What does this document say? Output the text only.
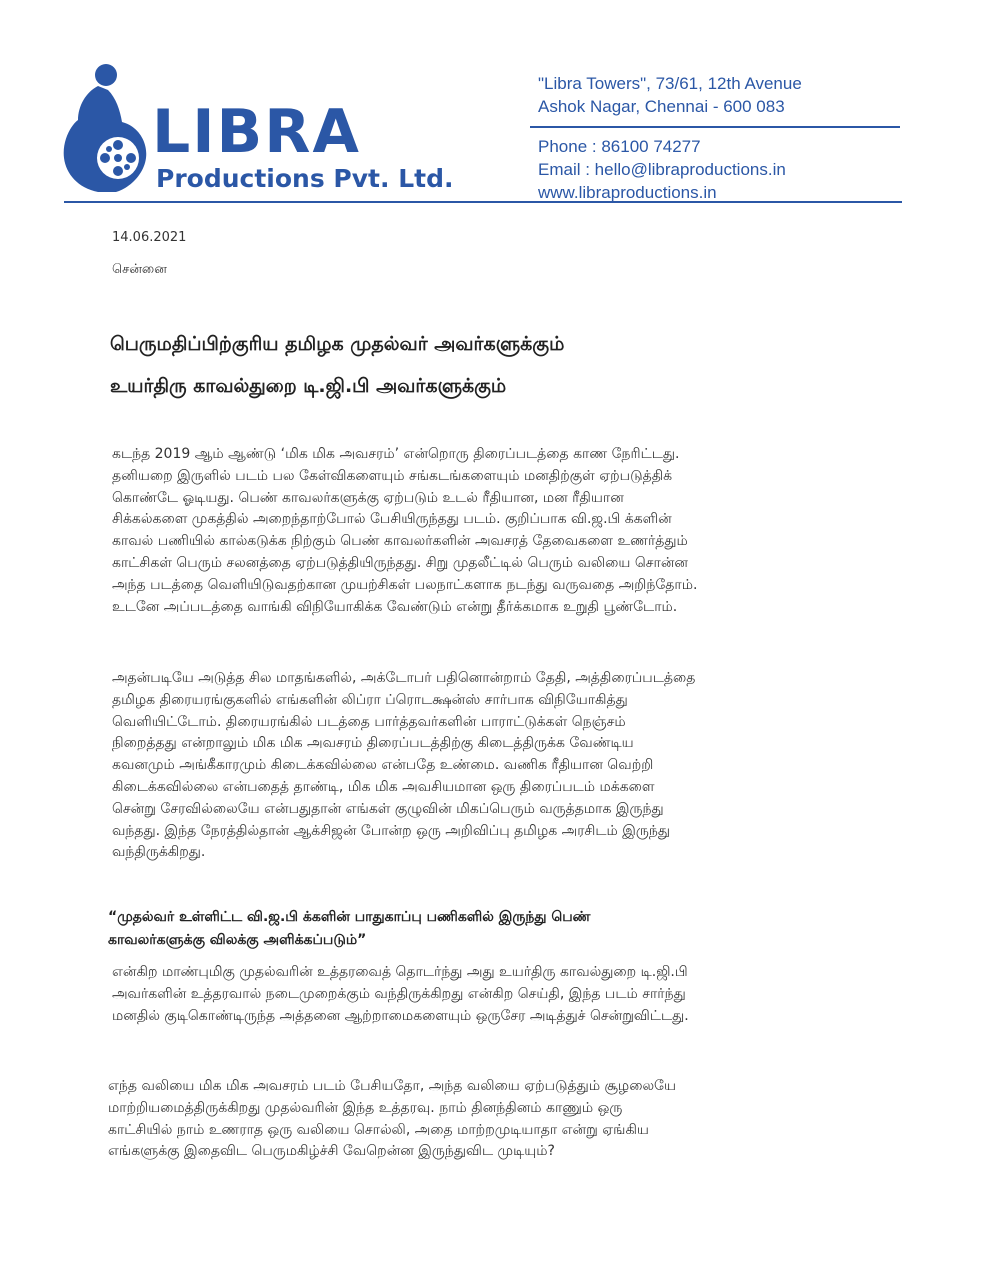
LIBRA
Productions Pvt. Ltd.
"Libra Towers", 73/61, 12th Avenue
Ashok Nagar, Chennai - 600 083
Phone : 86100 74277
Email : hello@libraproductions.in
www.libraproductions.in
14.06.2021
சென்னை
பெருமதிப்பிற்குரிய தமிழக முதல்வர் அவர்களுக்கும்
உயர்திரு காவல்துறை டி.ஜி.பி அவர்களுக்கும்
கடந்த 2019 ஆம் ஆண்டு ‘மிக மிக அவசரம்’ என்றொரு திரைப்படத்தை காண நேரிட்டது.
தனியறை இருளில் படம் பல கேள்விகளையும் சங்கடங்களையும் மனதிற்குள் ஏற்படுத்திக்
கொண்டே ஓடியது. பெண் காவலர்களுக்கு ஏற்படும் உடல் ரீதியான, மன ரீதியான
சிக்கல்களை முகத்தில் அறைந்தாற்போல் பேசியிருந்தது படம். குறிப்பாக வி.ஜ.பி க்களின்
காவல் பணியில் கால்கடுக்க நிற்கும் பெண் காவலர்களின் அவசரத் தேவைகளை உணர்த்தும்
காட்சிகள் பெரும் சலனத்தை ஏற்படுத்தியிருந்தது. சிறு முதலீட்டில் பெரும் வலியை சொன்ன
அந்த படத்தை வெளியிடுவதற்கான முயற்சிகள் பலநாட்களாக நடந்து வருவதை அறிந்தோம்.
உடனே அப்படத்தை வாங்கி விநியோகிக்க வேண்டும் என்று தீர்க்கமாக உறுதி பூண்டோம்.
அதன்படியே அடுத்த சில மாதங்களில், அக்டோபர் பதினொன்றாம் தேதி, அத்திரைப்படத்தை
தமிழக திரையரங்குகளில் எங்களின் லிப்ரா ப்ரொடக்ஷன்ஸ் சார்பாக விநியோகித்து
வெளியிட்டோம். திரையரங்கில் படத்தை பார்த்தவர்களின் பாராட்டுக்கள் நெஞ்சம்
நிறைத்தது என்றாலும் மிக மிக அவசரம் திரைப்படத்திற்கு கிடைத்திருக்க வேண்டிய
கவனமும் அங்கீகாரமும் கிடைக்கவில்லை என்பதே உண்மை. வணிக ரீதியான வெற்றி
கிடைக்கவில்லை என்பதைத் தாண்டி, மிக மிக அவசியமான ஒரு திரைப்படம் மக்களை
சென்று சேரவில்லையே என்பதுதான் எங்கள் குழுவின் மிகப்பெரும் வருத்தமாக இருந்து
வந்தது. இந்த நேரத்தில்தான் ஆக்சிஜன் போன்ற ஒரு அறிவிப்பு தமிழக அரசிடம் இருந்து
வந்திருக்கிறது.
“முதல்வர் உள்ளிட்ட வி.ஜ.பி க்களின் பாதுகாப்பு பணிகளில் இருந்து பெண்
காவலர்களுக்கு விலக்கு அளிக்கப்படும்”
என்கிற மாண்புமிகு முதல்வரின் உத்தரவைத் தொடர்ந்து அது உயர்திரு காவல்துறை டி.ஜி.பி
அவர்களின் உத்தரவால் நடைமுறைக்கும் வந்திருக்கிறது என்கிற செய்தி, இந்த படம் சார்ந்து
மனதில் குடிகொண்டிருந்த அத்தனை ஆற்றாமைகளையும் ஒருசேர அடித்துச் சென்றுவிட்டது.
எந்த வலியை மிக மிக அவசரம் படம் பேசியதோ, அந்த வலியை ஏற்படுத்தும் சூழலையே
மாற்றியமைத்திருக்கிறது முதல்வரின் இந்த உத்தரவு. நாம் தினந்தினம் காணும் ஒரு
காட்சியில் நாம் உணராத ஒரு வலியை சொல்லி, அதை மாற்றமுடியாதா என்று ஏங்கிய
எங்களுக்கு இதைவிட பெருமகிழ்ச்சி வேறென்ன இருந்துவிட முடியும்?
